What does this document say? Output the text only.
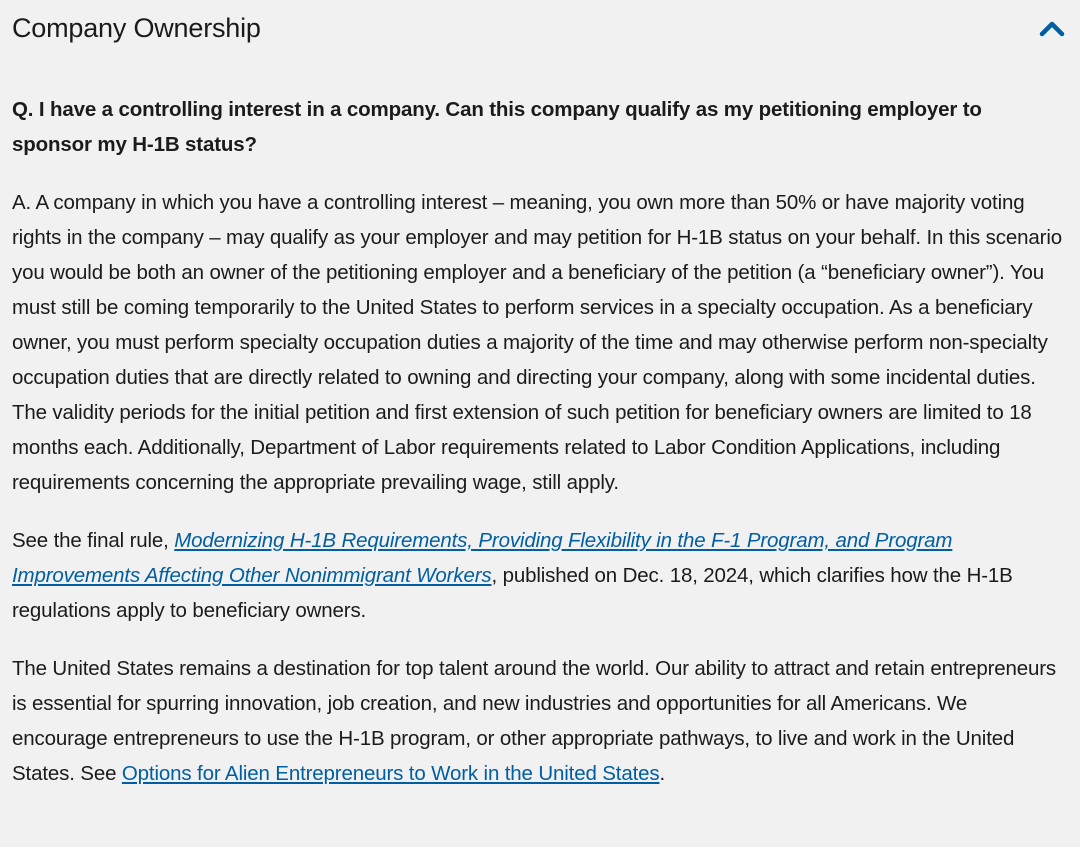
Company Ownership

Q. I have a controlling interest in a company. Can this company qualify as my petitioning employer to sponsor my H-1B status?

A. A company in which you have a controlling interest – meaning, you own more than 50% or have majority voting rights in the company – may qualify as your employer and may petition for H-1B status on your behalf. In this scenario you would be both an owner of the petitioning employer and a beneficiary of the petition (a “beneficiary owner”). You must still be coming temporarily to the United States to perform services in a specialty occupation. As a beneficiary owner, you must perform specialty occupation duties a majority of the time and may otherwise perform non-specialty occupation duties that are directly related to owning and directing your company, along with some incidental duties. The validity periods for the initial petition and first extension of such petition for beneficiary owners are limited to 18 months each. Additionally, Department of Labor requirements related to Labor Condition Applications, including requirements concerning the appropriate prevailing wage, still apply.

See the final rule, Modernizing H-1B Requirements, Providing Flexibility in the F-1 Program, and Program Improvements Affecting Other Nonimmigrant Workers, published on Dec. 18, 2024, which clarifies how the H-1B regulations apply to beneficiary owners.

The United States remains a destination for top talent around the world. Our ability to attract and retain entrepreneurs is essential for spurring innovation, job creation, and new industries and opportunities for all Americans. We encourage entrepreneurs to use the H-1B program, or other appropriate pathways, to live and work in the United States. See Options for Alien Entrepreneurs to Work in the United States.
